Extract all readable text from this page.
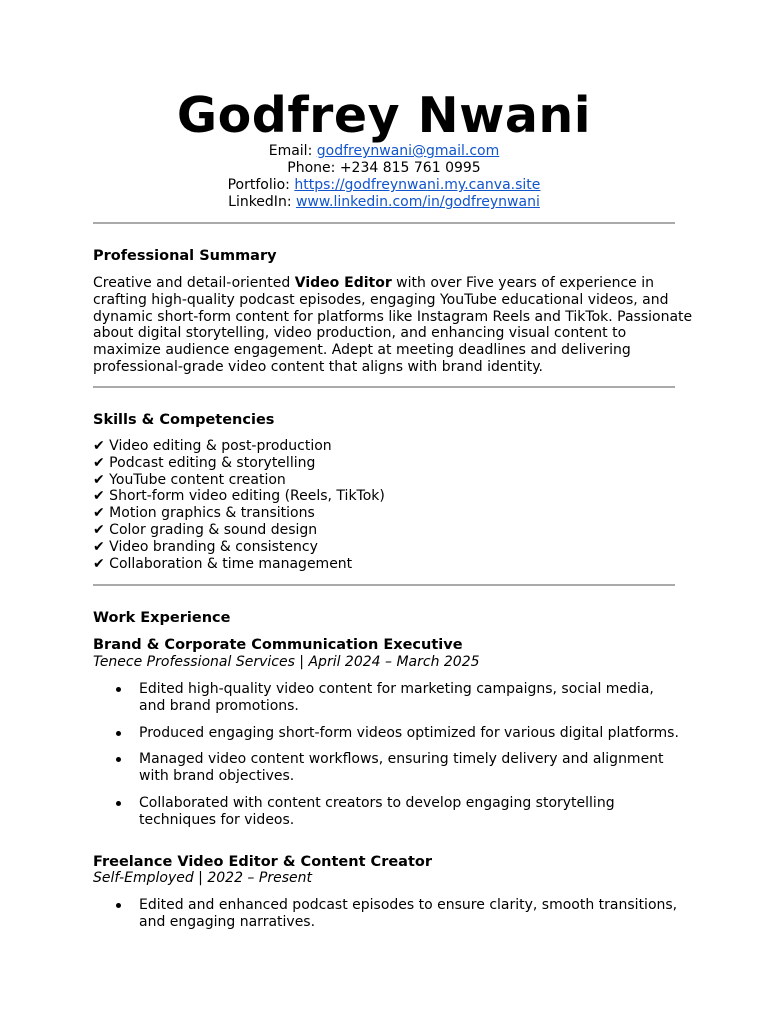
Godfrey Nwani
Email: godfreynwani@gmail.com
Phone: +234 815 761 0995
Portfolio: https://godfreynwani.my.canva.site
LinkedIn: www.linkedin.com/in/godfreynwani
Professional Summary

Creative and detail-oriented Video Editor with over Five years of experience in crafting high-quality podcast episodes, engaging YouTube educational videos, and dynamic short-form content for platforms like Instagram Reels and TikTok. Passionate about digital storytelling, video production, and enhancing visual content to maximize audience engagement. Adept at meeting deadlines and delivering professional-grade video content that aligns with brand identity.

Skills & Competencies
✔ Video editing & post-production
✔ Podcast editing & storytelling
✔ YouTube content creation
✔ Short-form video editing (Reels, TikTok)
✔ Motion graphics & transitions
✔ Color grading & sound design
✔ Video branding & consistency
✔ Collaboration & time management
Work Experience
Brand & Corporate Communication Executive

Tenece Professional Services | April 2024 – March 2025

Edited high-quality video content for marketing campaigns, social media, and brand promotions.
Produced engaging short-form videos optimized for various digital platforms.
Managed video content workflows, ensuring timely delivery and alignment with brand objectives.
Collaborated with content creators to develop engaging storytelling techniques for videos.
Freelance Video Editor & Content Creator

Self-Employed | 2022 – Present

Edited and enhanced podcast episodes to ensure clarity, smooth transitions, and engaging narratives.
